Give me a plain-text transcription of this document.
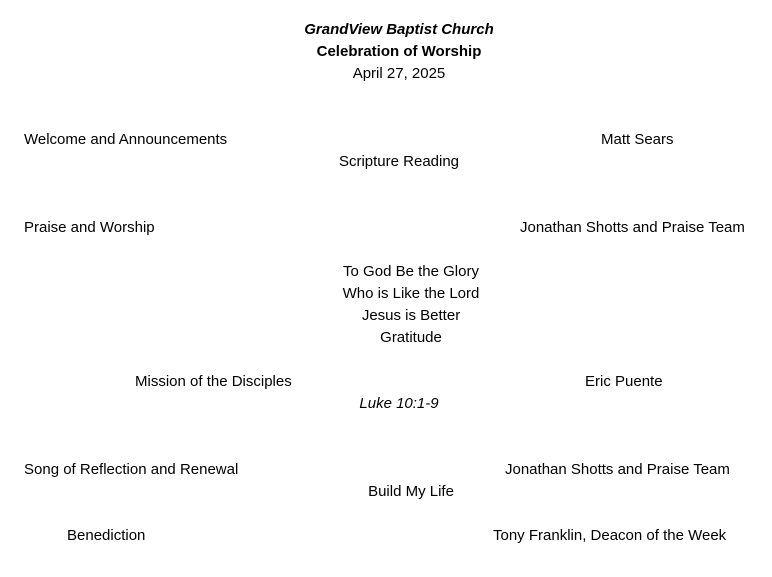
GrandView Baptist Church

Celebration of Worship

April 27, 2025

Welcome and Announcements	Matt Sears

Scripture Reading

Praise and Worship	Jonathan Shotts and Praise Team

To God Be the Glory

Who is Like the Lord

Jesus is Better

Gratitude

Mission of the Disciples	Eric Puente

Luke 10:1-9

Song of Reflection and Renewal	Jonathan Shotts and Praise Team

Build My Life

Benediction	Tony Franklin, Deacon of the Week
